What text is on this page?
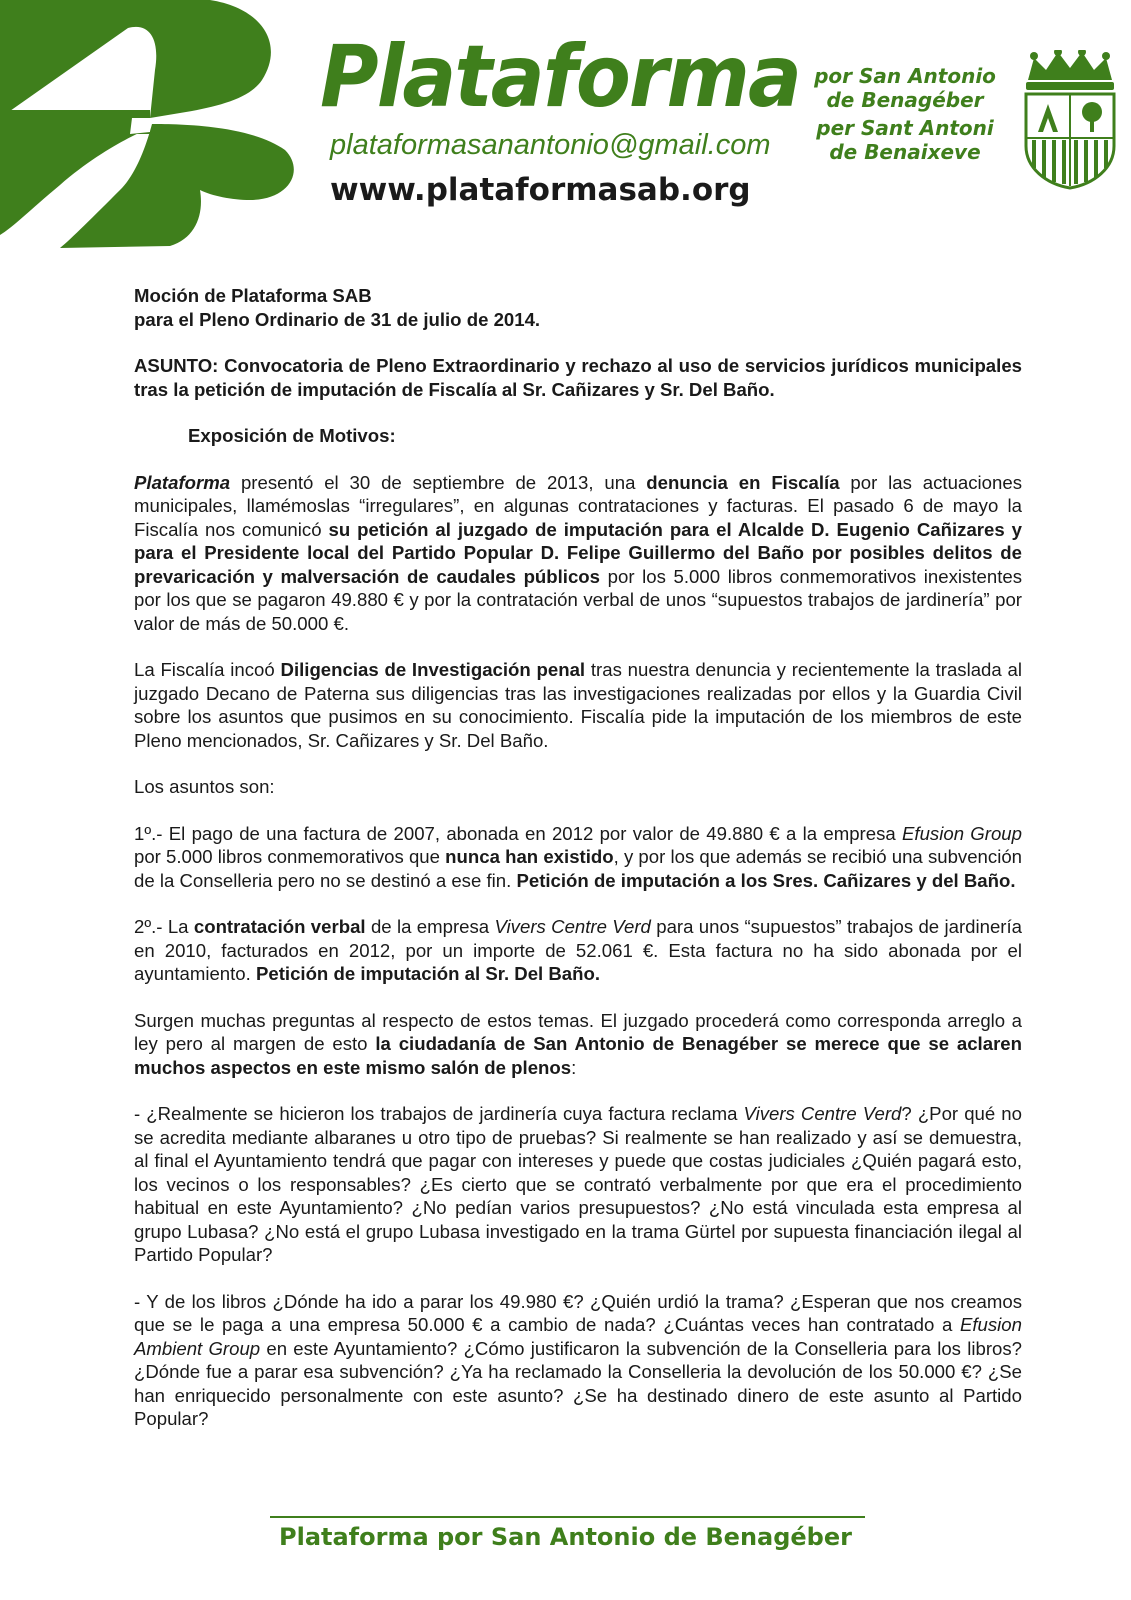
Plataforma
plataformasanantonio@gmail.com
www.plataformasab.org
por San Antonio
de Benagéber
per Sant Antoni
de Benaixeve

Moción de Plataforma SAB

para el Pleno Ordinario de 31 de julio de 2014.

ASUNTO: Convocatoria de Pleno Extraordinario y rechazo al uso de servicios jurídicos municipales tras la petición de imputación de Fiscalía al Sr. Cañizares y Sr. Del Baño.

Exposición de Motivos:

Plataforma presentó el 30 de septiembre de 2013, una denuncia en Fiscalía por las actuaciones municipales, llamémoslas “irregulares”, en algunas contrataciones y facturas. El pasado 6 de mayo la Fiscalía nos comunicó su petición al juzgado de imputación para el Alcalde D. Eugenio Cañizares y para el Presidente local del Partido Popular D. Felipe Guillermo del Baño por posibles delitos de prevaricación y malversación de caudales públicos por los 5.000 libros conmemorativos inexistentes por los que se pagaron 49.880 € y por la contratación verbal de unos “supuestos trabajos de jardinería” por valor de más de 50.000 €.

La Fiscalía incoó Diligencias de Investigación penal tras nuestra denuncia y recientemente la traslada al juzgado Decano de Paterna sus diligencias tras las investigaciones realizadas por ellos y la Guardia Civil sobre los asuntos que pusimos en su conocimiento. Fiscalía pide la imputación de los miembros de este Pleno mencionados, Sr. Cañizares y Sr. Del Baño.

Los asuntos son:

1º.- El pago de una factura de 2007, abonada en 2012 por valor de 49.880 € a la empresa Efusion Group por 5.000 libros conmemorativos que nunca han existido, y por los que además se recibió una subvención de la Conselleria pero no se destinó a ese fin. Petición de imputación a los Sres. Cañizares y del Baño.

2º.- La contratación verbal de la empresa Vivers Centre Verd para unos “supuestos” trabajos de jardinería en 2010, facturados en 2012, por un importe de 52.061 €. Esta factura no ha sido abonada por el ayuntamiento. Petición de imputación al Sr. Del Baño.

Surgen muchas preguntas al respecto de estos temas. El juzgado procederá como corresponda arreglo a ley pero al margen de esto la ciudadanía de San Antonio de Benagéber se merece que se aclaren muchos aspectos en este mismo salón de plenos:

- ¿Realmente se hicieron los trabajos de jardinería cuya factura reclama Vivers Centre Verd? ¿Por qué no se acredita mediante albaranes u otro tipo de pruebas? Si realmente se han realizado y así se demuestra, al final el Ayuntamiento tendrá que pagar con intereses y puede que costas judiciales ¿Quién pagará esto, los vecinos o los responsables? ¿Es cierto que se contrató verbalmente por que era el procedimiento habitual en este Ayuntamiento? ¿No pedían varios presupuestos? ¿No está vinculada esta empresa al grupo Lubasa? ¿No está el grupo Lubasa investigado en la trama Gürtel por supuesta financiación ilegal al Partido Popular?

- Y de los libros ¿Dónde ha ido a parar los 49.980 €? ¿Quién urdió la trama? ¿Esperan que nos creamos que se le paga a una empresa 50.000 € a cambio de nada? ¿Cuántas veces han contratado a Efusion Ambient Group en este Ayuntamiento? ¿Cómo justificaron la subvención de la Conselleria para los libros? ¿Dónde fue a parar esa subvención? ¿Ya ha reclamado la Conselleria la devolución de los 50.000 €? ¿Se han enriquecido personalmente con este asunto? ¿Se ha destinado dinero de este asunto al Partido Popular?

Plataforma por San Antonio de Benagéber
